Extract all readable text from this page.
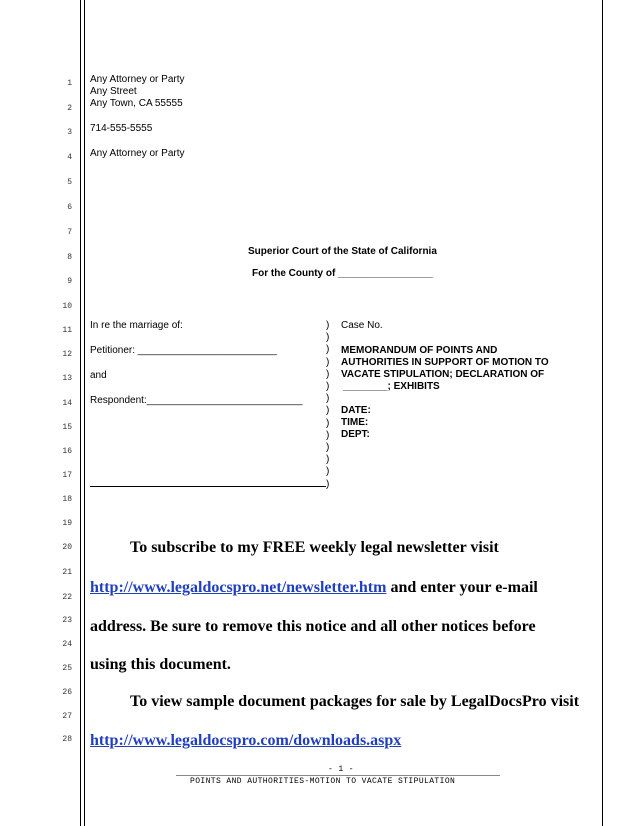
1
2
3
4
5
6
7
8
9
10
11
12
13
14
15
16
17
18
19
20
21
22
23
24
25
26
27
28
Any Attorney or Party
Any Street
Any Town, CA 55555
714-555-5555
Any Attorney or Party
Superior Court of the State of California
For the County of _________________
In re the marriage of:
Petitioner: _________________________
and
Respondent:____________________________
)
)
)
)
)
)
)
)
)
)
)
)
)
)
Case No.
MEMORANDUM OF POINTS AND
AUTHORITIES IN SUPPORT OF MOTION TO
VACATE STIPULATION; DECLARATION OF
________; EXHIBITS
DATE:
TIME:
DEPT:
To subscribe to my FREE weekly legal newsletter visit
http://www.legaldocspro.net/newsletter.htm and enter your e-mail
address. Be sure to remove this notice and all other notices before
using this document.
To view sample document packages for sale by LegalDocsPro visit
http://www.legaldocspro.com/downloads.aspx
- 1 -
POINTS AND AUTHORITIES-MOTION TO VACATE STIPULATION
